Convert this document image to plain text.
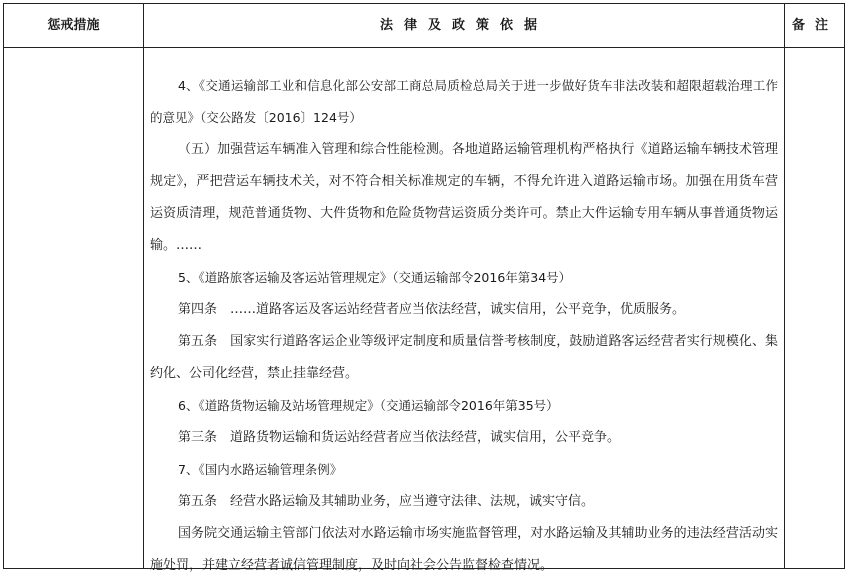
惩戒措施	法律及政策依据	备注

4、《交通运输部工业和信息化部公安部工商总局质检总局关于进一步做好货车非法改装和超限超载治理工作的意见》（交公路发〔2016〕124号）

（五）加强营运车辆准入管理和综合性能检测。各地道路运输管理机构严格执行《道路运输车辆技术管理规定》，严把营运车辆技术关，对不符合相关标准规定的车辆，不得允许进入道路运输市场。加强在用货车营运资质清理，规范普通货物、大件货物和危险货物营运资质分类许可。禁止大件运输专用车辆从事普通货物运输。……

5、《道路旅客运输及客运站管理规定》（交通运输部令2016年第34号）

第四条　……道路客运及客运站经营者应当依法经营，诚实信用，公平竞争，优质服务。

第五条　国家实行道路客运企业等级评定制度和质量信誉考核制度，鼓励道路客运经营者实行规模化、集约化、公司化经营，禁止挂靠经营。

6、《道路货物运输及站场管理规定》（交通运输部令2016年第35号）

第三条　道路货物运输和货运站经营者应当依法经营，诚实信用，公平竞争。

7、《国内水路运输管理条例》

第五条　经营水路运输及其辅助业务，应当遵守法律、法规，诚实守信。

国务院交通运输主管部门依法对水路运输市场实施监督管理，对水路运输及其辅助业务的违法经营活动实施处罚，并建立经营者诚信管理制度，及时向社会公告监督检查情况。
